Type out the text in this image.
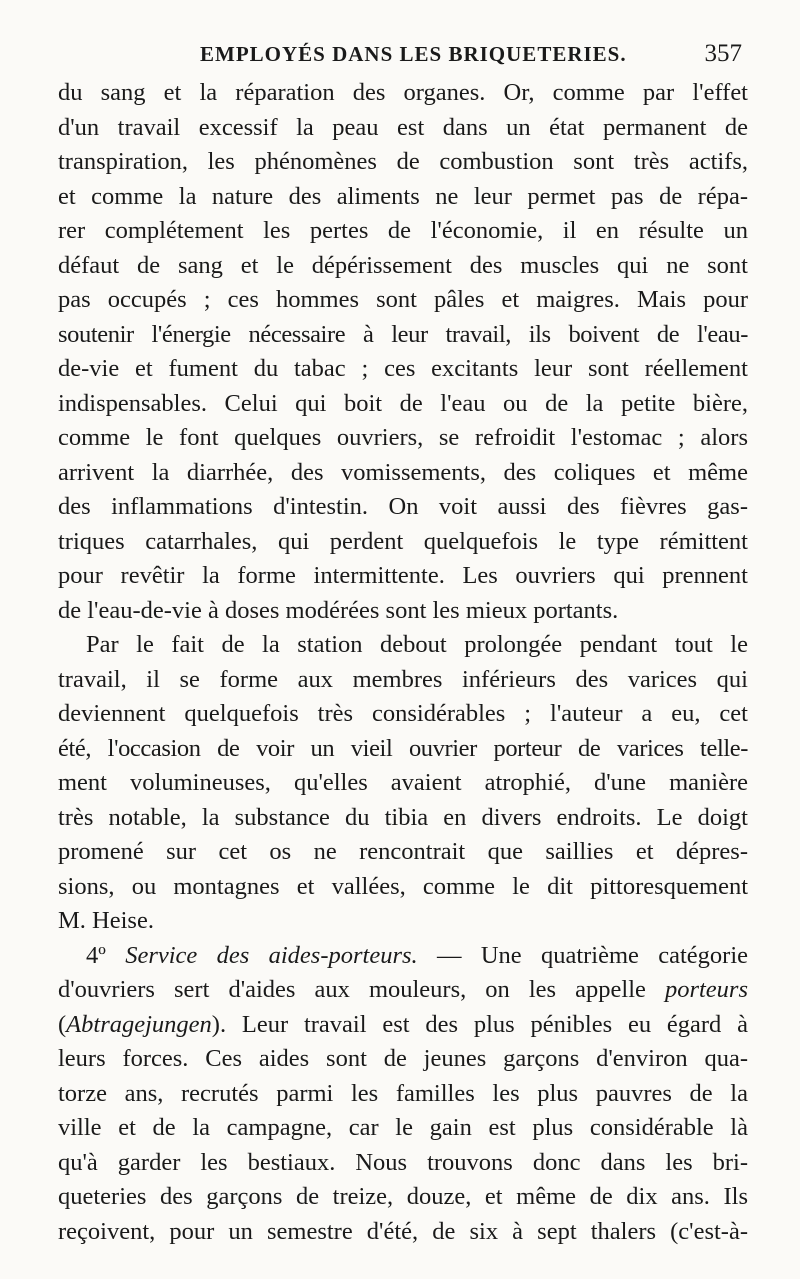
EMPLOYÉS DANS LES BRIQUETERIES.	357
du sang et la réparation des organes. Or, comme par l'effet
d'un travail excessif la peau est dans un état permanent de
transpiration, les phénomènes de combustion sont très actifs,
et comme la nature des aliments ne leur permet pas de répa-
rer complétement les pertes de l'économie, il en résulte un
défaut de sang et le dépérissement des muscles qui ne sont
pas occupés ; ces hommes sont pâles et maigres. Mais pour
soutenir l'énergie nécessaire à leur travail, ils boivent de l'eau-
de-vie et fument du tabac ; ces excitants leur sont réellement
indispensables. Celui qui boit de l'eau ou de la petite bière,
comme le font quelques ouvriers, se refroidit l'estomac ; alors
arrivent la diarrhée, des vomissements, des coliques et même
des inflammations d'intestin. On voit aussi des fièvres gas-
triques catarrhales, qui perdent quelquefois le type rémittent
pour revêtir la forme intermittente. Les ouvriers qui prennent
de l'eau-de-vie à doses modérées sont les mieux portants.
Par le fait de la station debout prolongée pendant tout le
travail, il se forme aux membres inférieurs des varices qui
deviennent quelquefois très considérables ; l'auteur a eu, cet
été, l'occasion de voir un vieil ouvrier porteur de varices telle-
ment volumineuses, qu'elles avaient atrophié, d'une manière
très notable, la substance du tibia en divers endroits. Le doigt
promené sur cet os ne rencontrait que saillies et dépres-
sions, ou montagnes et vallées, comme le dit pittoresquement
M. Heise.
4º Service des aides-porteurs. — Une quatrième catégorie
d'ouvriers sert d'aides aux mouleurs, on les appelle porteurs
(Abtragejungen). Leur travail est des plus pénibles eu égard à
leurs forces. Ces aides sont de jeunes garçons d'environ qua-
torze ans, recrutés parmi les familles les plus pauvres de la
ville et de la campagne, car le gain est plus considérable là
qu'à garder les bestiaux. Nous trouvons donc dans les bri-
queteries des garçons de treize, douze, et même de dix ans. Ils
reçoivent, pour un semestre d'été, de six à sept thalers (c'est-à-
